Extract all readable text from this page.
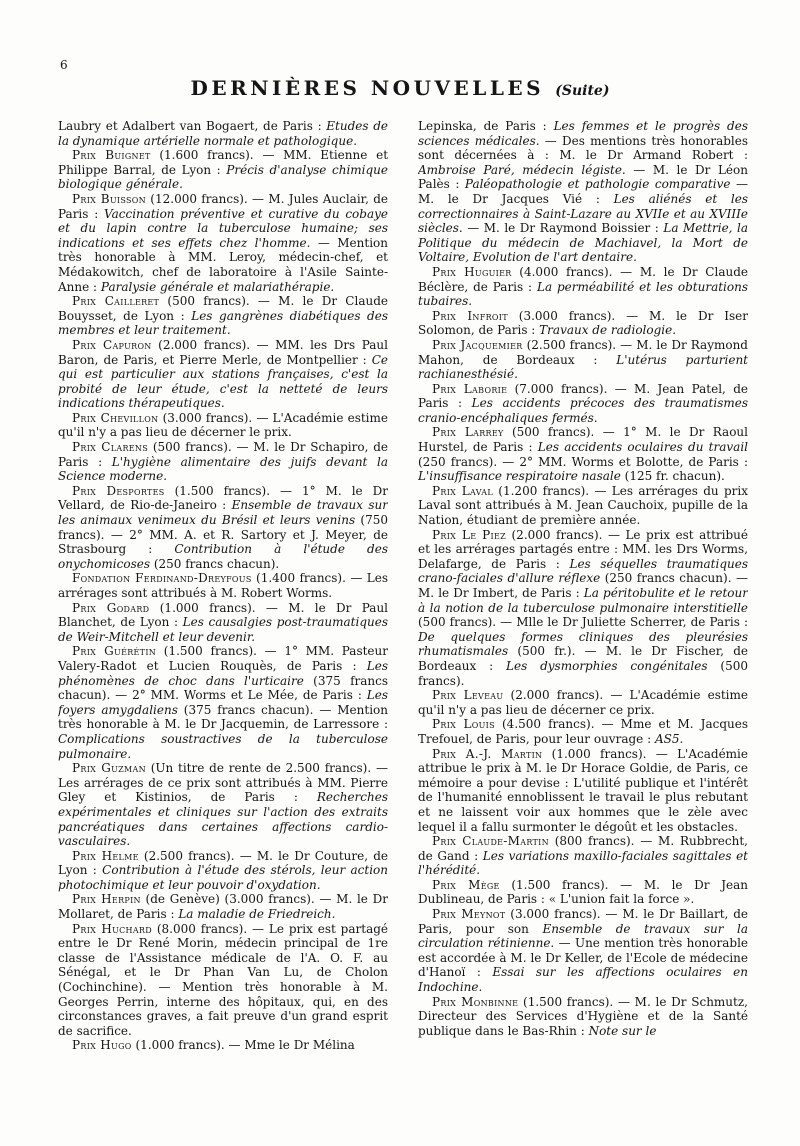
6
DERNIÈRES NOUVELLES (Suite)

Laubry et Adalbert van Bogaert, de Paris : Etudes de la dynamique artérielle normale et pathologique.

Prix Buignet (1.600 francs). — MM. Etienne et Philippe Barral, de Lyon : Précis d'analyse chimique biologique générale.

Prix Buisson (12.000 francs). — M. Jules Auclair, de Paris : Vaccination préventive et curative du cobaye et du lapin contre la tuberculose humaine; ses indications et ses effets chez l'homme. — Mention très honorable à MM. Leroy, médecin-chef, et Médakowitch, chef de laboratoire à l'Asile Sainte-Anne : Paralysie générale et malariathérapie.

Prix Cailleret (500 francs). — M. le Dr Claude Bouysset, de Lyon : Les gangrènes diabétiques des membres et leur traitement.

Prix Capuron (2.000 francs). — MM. les Drs Paul Baron, de Paris, et Pierre Merle, de Montpellier : Ce qui est particulier aux stations françaises, c'est la probité de leur étude, c'est la netteté de leurs indications thérapeutiques.

Prix Chevillon (3.000 francs). — L'Académie estime qu'il n'y a pas lieu de décerner le prix.

Prix Clarens (500 francs). — M. le Dr Schapiro, de Paris : L'hygiène alimentaire des juifs devant la Science moderne.

Prix Desportes (1.500 francs). — 1° M. le Dr Vellard, de Rio-de-Janeiro : Ensemble de travaux sur les animaux venimeux du Brésil et leurs venins (750 francs). — 2° MM. A. et R. Sartory et J. Meyer, de Strasbourg : Contribution à l'étude des onychomicoses (250 francs chacun).

Fondation Ferdinand-Dreyfous (1.400 francs). — Les arrérages sont attribués à M. Robert Worms.

Prix Godard (1.000 francs). — M. le Dr Paul Blanchet, de Lyon : Les causalgies post-traumatiques de Weir-Mitchell et leur devenir.

Prix Guérétin (1.500 francs). — 1° MM. Pasteur Valery-Radot et Lucien Rouquès, de Paris : Les phénomènes de choc dans l'urticaire (375 francs chacun). — 2° MM. Worms et Le Mée, de Paris : Les foyers amygdaliens (375 francs chacun). — Mention très honorable à M. le Dr Jacquemin, de Larressore : Complications soustractives de la tuberculose pulmonaire.

Prix Guzman (Un titre de rente de 2.500 francs). — Les arrérages de ce prix sont attribués à MM. Pierre Gley et Kistinios, de Paris : Recherches expérimentales et cliniques sur l'action des extraits pancréatiques dans certaines affections cardio-vasculaires.

Prix Helme (2.500 francs). — M. le Dr Couture, de Lyon : Contribution à l'étude des stérols, leur action photochimique et leur pouvoir d'oxydation.

Prix Herpin (de Genève) (3.000 francs). — M. le Dr Mollaret, de Paris : La maladie de Friedreich.

Prix Huchard (8.000 francs). — Le prix est partagé entre le Dr René Morin, médecin principal de 1re classe de l'Assistance médicale de l'A. O. F. au Sénégal, et le Dr Phan Van Lu, de Cholon (Cochinchine). — Mention très honorable à M. Georges Perrin, interne des hôpitaux, qui, en des circonstances graves, a fait preuve d'un grand esprit de sacrifice.

Prix Hugo (1.000 francs). — Mme le Dr Mélina

Lepinska, de Paris : Les femmes et le progrès des sciences médicales. — Des mentions très honorables sont décernées à : M. le Dr Armand Robert : Ambroise Paré, médecin légiste. — M. le Dr Léon Palès : Paléopathologie et pathologie comparative — M. le Dr Jacques Vié : Les aliénés et les correctionnaires à Saint-Lazare au XVIIe et au XVIIIe siècles. — M. le Dr Raymond Boissier : La Mettrie, la Politique du médecin de Machiavel, la Mort de Voltaire, Evolution de l'art dentaire.

Prix Huguier (4.000 francs). — M. le Dr Claude Béclère, de Paris : La perméabilité et les obturations tubaires.

Prix Infroit (3.000 francs). — M. le Dr Iser Solomon, de Paris : Travaux de radiologie.

Prix Jacquemier (2.500 francs). — M. le Dr Raymond Mahon, de Bordeaux : L'utérus parturient rachianesthésié.

Prix Laborie (7.000 francs). — M. Jean Patel, de Paris : Les accidents précoces des traumatismes cranio-encéphaliques fermés.

Prix Larrey (500 francs). — 1° M. le Dr Raoul Hurstel, de Paris : Les accidents oculaires du travail (250 francs). — 2° MM. Worms et Bolotte, de Paris : L'insuffisance respiratoire nasale (125 fr. chacun).

Prix Laval (1.200 francs). — Les arrérages du prix Laval sont attribués à M. Jean Cauchoix, pupille de la Nation, étudiant de première année.

Prix Le Piez (2.000 francs). — Le prix est attribué et les arrérages partagés entre : MM. les Drs Worms, Delafarge, de Paris : Les séquelles traumatiques crano-faciales d'allure réflexe (250 francs chacun). — M. le Dr Imbert, de Paris : La péritobulite et le retour à la notion de la tuberculose pulmonaire interstitielle (500 francs). — Mlle le Dr Juliette Scherrer, de Paris : De quelques formes cliniques des pleurésies rhumatismales (500 fr.). — M. le Dr Fischer, de Bordeaux : Les dysmorphies congénitales (500 francs).

Prix Leveau (2.000 francs). — L'Académie estime qu'il n'y a pas lieu de décerner ce prix.

Prix Louis (4.500 francs). — Mme et M. Jacques Trefouel, de Paris, pour leur ouvrage : AS5.

Prix A.-J. Martin (1.000 francs). — L'Académie attribue le prix à M. le Dr Horace Goldie, de Paris, ce mémoire a pour devise : L'utilité publique et l'intérêt de l'humanité ennoblissent le travail le plus rebutant et ne laissent voir aux hommes que le zèle avec lequel il a fallu surmonter le dégoût et les obstacles.

Prix Claude-Martin (800 francs). — M. Rubbrecht, de Gand : Les variations maxillo-faciales sagittales et l'hérédité.

Prix Mège (1.500 francs). — M. le Dr Jean Dublineau, de Paris : « L'union fait la force ».

Prix Meynot (3.000 francs). — M. le Dr Baillart, de Paris, pour son Ensemble de travaux sur la circulation rétinienne. — Une mention très honorable est accordée à M. le Dr Keller, de l'Ecole de médecine d'Hanoï : Essai sur les affections oculaires en Indochine.

Prix Monbinne (1.500 francs). — M. le Dr Schmutz, Directeur des Services d'Hygiène et de la Santé publique dans le Bas-Rhin : Note sur le
